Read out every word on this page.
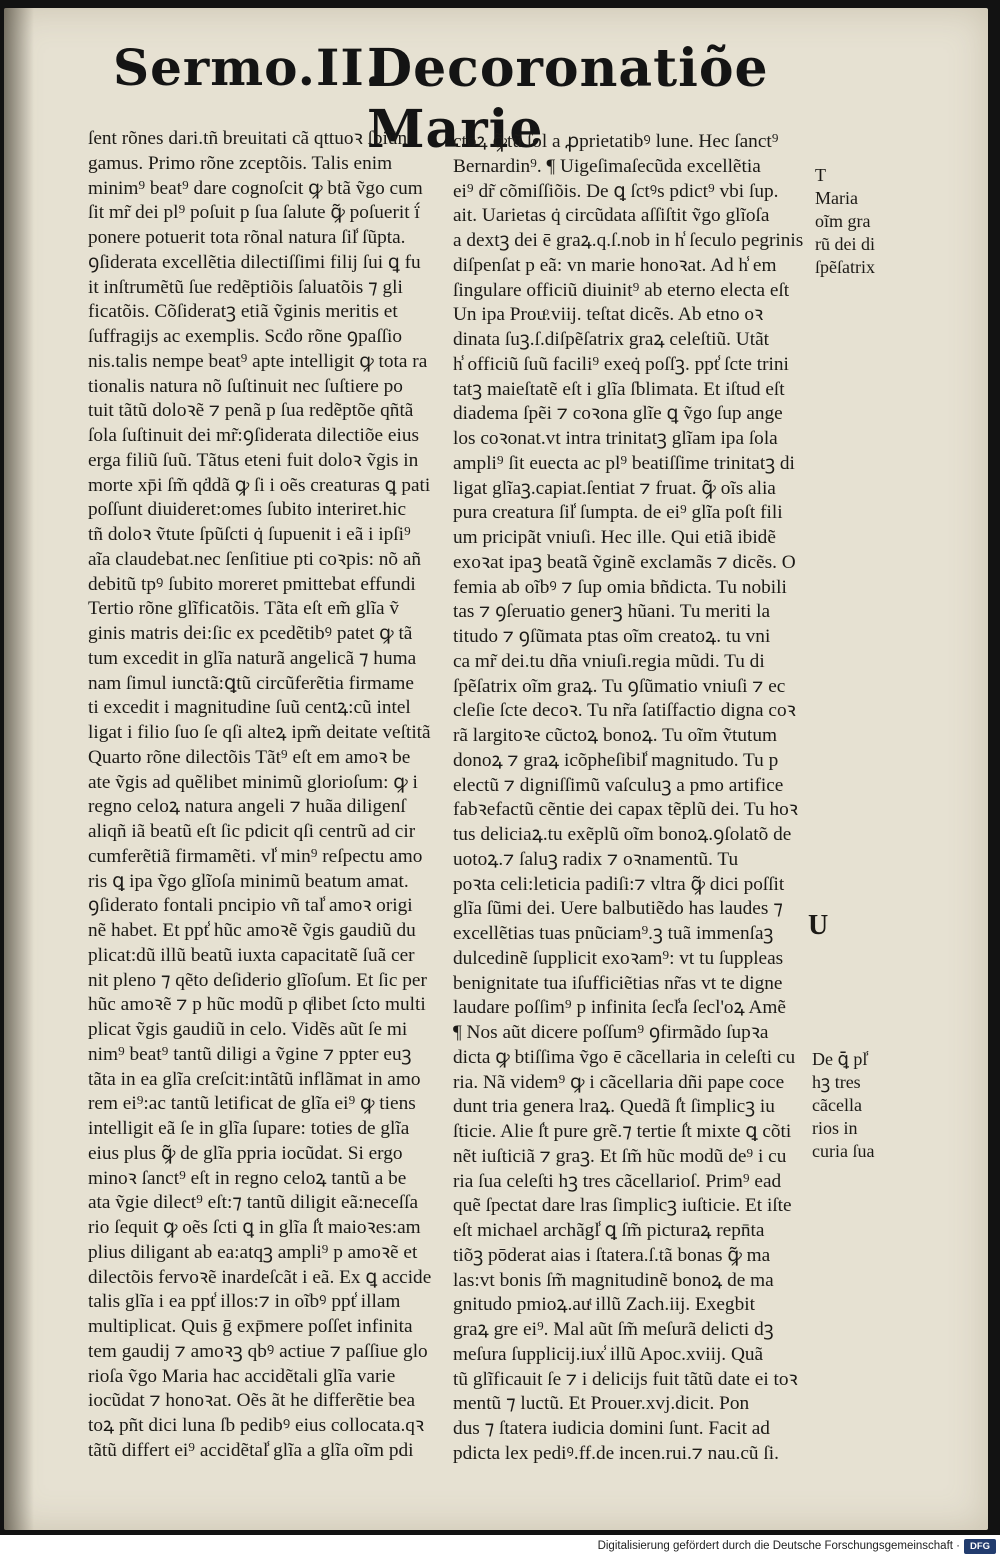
Sermo.II.
Decoronatiõe Marie
ſent rõnes dari.tñ breuitati cã qttuoꝛ ſbiũn
gamus. Primo rõne zceptõis. Talis enim
minim⁹ beat⁹ dare cognoſcit ꝙ btã ṽgo cum
ſit mr̃ dei pl⁹ poſuit p ſua ſalute ꝙ͂ poſuerit ḯ
ponere potuerit tota rõnal natura ſil̾ ſũpta.
ꝯſiderata excellẽtia dilectiſſimi filij ſui ꝗ fu
it inſtrumẽtũ ſue redẽptiõis ſaluatõis ⁊ gli
ficatõis. Cõſideratꝫ etiã ṽginis meritis et
ſuffragijs ac exemplis. Scḋo rõne ꝯpaſſio
nis.talis nempe beat⁹ apte intelligit ꝙ tota ra
tionalis natura nõ ſuſtinuit nec ſuſtiere po
tuit tãtũ doloꝛẽ ⁊ penã p ſua redẽptõe qñtã
ſola ſuſtinuit dei mr̃:ꝯſiderata dilectiõe eius
erga filiũ ſuũ. Tãtus eteni fuit doloꝛ ṽgis in
morte xp̄i ſm̃ qḋdã ꝙ ſi i oẽs creaturas ꝗ pati
poſſunt diuideret:omes ſubito interiret.hic
tñ doloꝛ ṽtute ſpũſcti q̇ ſupuenit i eã i ipſi⁹
aĩa claudebat.nec ſenſitiue pti coꝛpis: nõ añ
debitũ tpꝰ ſubito moreret pmittebat effundi
Tertio rõne glĩficatõis. Tãta eſt em̃ glĩa ṽ
ginis matris dei:ſic ex pcedẽtibꝰ patet ꝙ tã
tum excedit in glĩa naturã angelicã ⁊ huma
nam ſimul iunctã:ꝗtũ circũferẽtia firmame
ti excedit i magnitudine ſuũ centꝝ:cũ intel
ligat i filio ſuo ſe qſi alteꝝ ipm̃ deitate veſtitã
Quarto rõne dilectõis Tãt⁹ eſt em amoꝛ be
ate ṽgis ad quẽlibet minimũ glorioſum: ꝙ i
regno celoꝝ natura angeli ⁊ huãa diligenſ
aliqñ iã beatũ eſt ſic pdicit qſi centrũ ad cir
cumferẽtiã firmamẽti. vl̾ min⁹ reſpectu amo
ris ꝗ ipa ṽgo glĩoſa minimũ beatum amat.
ꝯſiderato fontali pncipio vñ tal̾ amoꝛ origi
nẽ habet. Et ppt̾ hũc amoꝛẽ ṽgis gaudiũ du
plicat:dũ illũ beatũ iuxta capacitatẽ ſuã cer
nit pleno ⁊ qẽto deſiderio glĩoſum. Et ſic per
hũc amoꝛẽ ⁊ p hũc modũ p qͥlibet ſcto multi
plicat ṽgis gaudiũ in celo. Vidẽs aũt ſe mi
nim⁹ beat⁹ tantũ diligi a ṽgine ⁊ ppter euꝫ
tãta in ea glĩa creſcit:intãtũ inflãmat in amo
rem ei⁹:ac tantũ letificat de glĩa ei⁹ ꝙ tiens
intelligit eã ſe in glĩa ſupare: toties de glĩa
eius plus ꝙ͂ de glĩa ppria iocũdat. Si ergo
minoꝛ ſanct⁹ eſt in regno celoꝝ tantũ a be
ata ṽgie dilect⁹ eſt:⁊ tantũ diligit eã:neceſſa
rio ſequit ꝙ oẽs ſcti ꝗ in glĩa ſ̾t maioꝛes:am
plius diligant ab ea:atqꝫ ampli⁹ p amoꝛẽ et
dilectõis fervoꝛẽ inardeſcãt i eã. Ex ꝗ accide
talis glĩa i ea ppt̾ illos:⁊ in oĩbꝰ ppt̾ illam
multiplicat. Quis ḡ exp̄mere poſſet infinita
tem gaudij ⁊ amoꝛꝫ qbꝰ actiue ⁊ paſſiue glo
rioſa ṽgo Maria hac accidẽtali glĩa varie
iocũdat ⁊ honoꝛat. Oẽs ãt he differẽtie bea
toꝝ pñt dici luna ſb pedibꝰ eius collocata.qꝛ
tãtũ differt ei⁹ accidẽtal̾ glĩa a glĩa oĩm pdi
ctoꝝ ꝙ͂tũ ſol a ꝓprietatibꝰ lune. Hec ſanct⁹
Bernardin⁹. ¶ Uigeſimaſecũda excellẽtia
ei⁹ dr̃ cõmiſſiõis. De ꝗ ſctꝰs pdict⁹ vbi ſup.
ait. Uarietas q̇ circũdata aſſiſtit ṽgo glĩoſa
a dextꝫ dei ē graꝝ.q.ſ.nob in h̾ ſeculo pegrinis
diſpenſat p eã: vn marie honoꝛat. Ad h̾ em
ſingulare officiũ diuinit⁹ ab eterno electa eſt
Un ipa Prouͦ.viij. teſtat dicẽs. Ab etno oꝛ
dinata ſuꝫ.ſ.diſpẽſatrix graꝝ celeſtiũ. Utãt
h̾ officiũ ſuũ facili⁹ exeq̇ poſſꝫ. ppt̾ ſcte trini
tatꝫ maieſtatẽ eſt i glĩa ſblimata. Et iſtud eſt
diadema ſpẽi ⁊ coꝛona glĩe ꝗ ṽgo ſup ange
los coꝛonat.vt intra trinitatꝫ glĩam ipa ſola
ampli⁹ ſit euecta ac pl⁹ beatiſſime trinitatꝫ di
ligat glĩaꝫ.capiat.ſentiat ⁊ fruat. ꝙ͂ oĩs alia
pura creatura ſil̾ ſumpta. de ei⁹ glĩa poſt fili
um pricipãt vniuſi. Hec ille. Qui etiã ibidẽ
exoꝛat ipaꝫ beatã ṽginẽ exclamãs ⁊ dicẽs. O
femia ab oĩbꝰ ⁊ ſup omia bñdicta. Tu nobili
tas ⁊ ꝯſeruatio generꝫ hũani. Tu meriti la
titudo ⁊ ꝯſũmata ptas oĩm creatoꝝ. tu vni
ca mr̃ dei.tu dña vniuſi.regia mũdi. Tu di
ſpẽſatrix oĩm graꝝ. Tu ꝯſũmatio vniuſi ⁊ ec
cleſie ſcte decoꝛ. Tu nr̃a ſatiſfactio digna coꝛ
rã largitoꝛe cũctoꝝ bonoꝝ. Tu oĩm ṽtutum
donoꝝ ⁊ graꝝ icõpheſibil̾ magnitudo. Tu p
electũ ⁊ digniſſimũ vaſculuꝫ a pmo artifice
fabꝛefactũ cẽntie dei capax tẽplũ dei. Tu hoꝛ
tus deliciaꝝ.tu exẽplũ oĩm bonoꝝ.ꝯſolatõ de
uotoꝝ.⁊ ſaluꝫ radix ⁊ oꝛnamentũ. Tu
poꝛta celi:leticia padiſi:⁊ vltra ꝙ͂ dici poſſit
glĩa ſũmi dei. Uere balbutiẽdo has laudes ⁊
excellẽtias tuas pnũciam⁹.ꝫ tuã immenſaꝫ
dulcedinẽ ſupplicit exoꝛam⁹: vt tu ſuppleas
benignitate tua iſufficiẽtias nr̃as vt te digne
laudare poſſim⁹ p infinita ſecl̾a ſecl'oꝝ Amẽ
¶ Nos aũt dicere poſſum⁹ ꝯfirmãdo ſupꝛa
dicta ꝙ btiſſima ṽgo ē cãcellaria in celeſti cu
ria. Nã videm⁹ ꝙ i cãcellaria dñi pape coce
dunt tria genera lraꝝ. Quedã ſ̾t ſimplicꝫ iu
ſticie. Alie ſ̾t pure grẽ.⁊ tertie ſ̾t mixte ꝗ cõti
nẽt iuſticiã ⁊ graꝫ. Et ſm̃ hũc modũ de⁹ i cu
ria ſua celeſti hꝫ tres cãcellarioſ. Prim⁹ ead
quẽ ſpectat dare lras ſimplicꝫ iuſticie. Et iſte
eſt michael archãgl̾ ꝗ ſm̃ picturaꝝ repn̄ta
tiõꝫ pōderat aias i ſtatera.ſ.tã bonas ꝙ͂ ma
las:vt bonis ſm̃ magnitudinẽ bonoꝝ de ma
gnitudo pmioꝝ.auͭ illũ Zach.iij. Exegbit
graꝝ gre ei⁹. Mal aũt ſm̃ meſurã delicti dꝫ
meſura ſupplicij.iux̾ illũ Apoc.xviij. Quã
tũ glĩficauit ſe ⁊ i delicijs fuit tãtũ date ei toꝛ
mentũ ⁊ luctũ. Et Prouer.xvj.dicit. Pon
dus ⁊ ſtatera iudicia domini ſunt. Facit ad
pdicta lex pediꝰ.ff.de incen.rui.⁊ nau.cũ ſi.
T
Maria
oĩm gra
rũ dei di
ſpẽſatrix
U
De ꝗ̄ pl̾
hꝫ tres
cãcella
rios in
curia ſua
Digitalisierung gefördert durch die Deutsche Forschungsgemeinschaft ·	DFG
